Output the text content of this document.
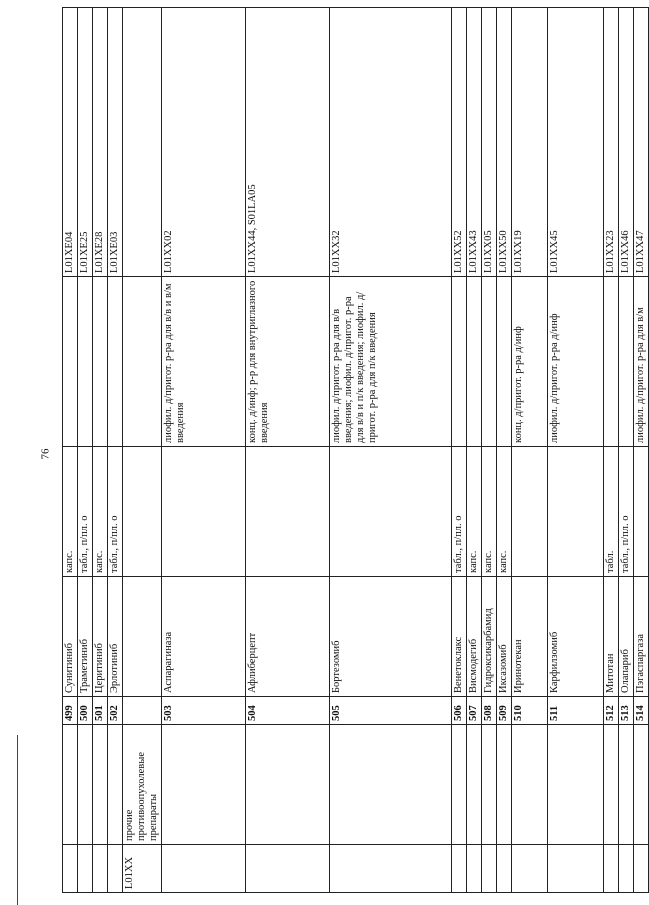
76
		499	Сунитиниб	капс.		L01XE04
		500	Траметиниб	табл., п/пл. о		L01XE25
		501	Церитиниб	капс.		L01XE28
		502	Эрлотиниб	табл., п/пл. о		L01XE03
L01XX	прочие противоопухолевые препараты					
		503	Аспарагиназа		лиофил. д/пригот. р-ра для в/в и в/м введения	L01XX02
		504	Афлиберцепт		конц. д/инф; р-р для внутриглазного введения	L01XX44, S01LA05
		505	Бортезомиб		лиофил. д/пригот. р-ра для в/в введения; лиофил. д/пригот. р-ра для в/в и п/к введения; лиофил. д/пригот. р-ра для п/к введения	L01XX32
		506	Венетоклакс	табл., п/пл. о		L01XX52
		507	Висмодегиб	капс.		L01XX43
		508	Гидроксикарбамид	капс.		L01XX05
		509	Иксазомиб	капс.		L01XX50
		510	Иринотекан		конц. д/пригот. р-ра д/инф	L01XX19
		511	Карфилзомиб		лиофил. д/пригот. р-ра д/инф	L01XX45
		512	Митотан	табл.		L01XX23
		513	Олапариб	табл., п/пл. о		L01XX46
		514	Пэгаспаргаза		лиофил. д/пригот. р-ра для в/м	L01XX47
